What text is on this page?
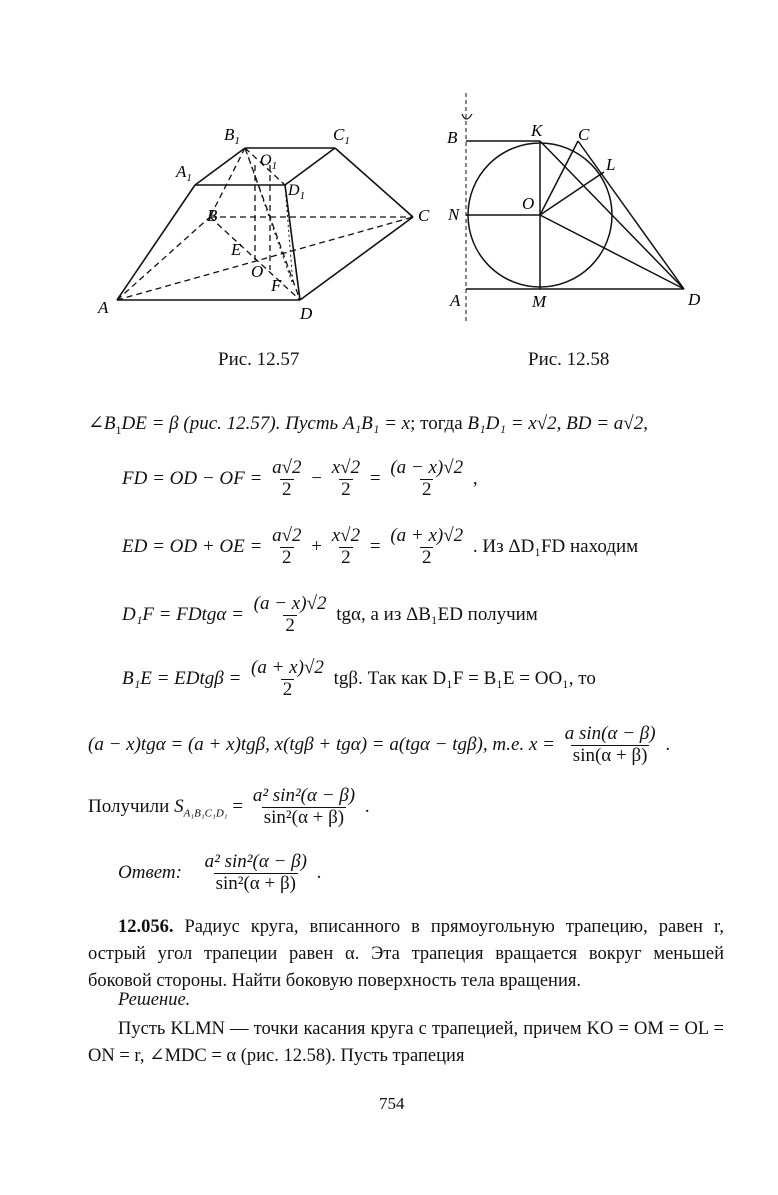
$B_1$	$C_1$
$A_1$
$O_1$
$D_1$
B	C
E
O
F
A	D
B	K C
L
N
O
A	M	D
Рис. 12.57	Рис. 12.58
$\angle B_1DE = \beta$ (рис. 12.57). Пусть A₁B₁ = x; тогда B₁D₁ = x√2, BD = a√2,
FD = OD − OF = $\frac{a√2}{2} - \frac{x√2}{2} = \frac{(a - x)√2}{2}$ ,
ED = OD + OE = $\frac{a√2}{2} + \frac{x√2}{2} = \frac{(a + x)√2}{2}$ . Из ΔD₁FD находим
D₁F = FDtgα = $\frac{(a - x)√2}{2} tg\alpha$, а из ΔB₁ED получим
B₁E = EDtgβ = $\frac{(a + x)√2}{2} tg\beta$. Так как D₁F = B₁E = OO₁, то
(a − x)tgα = (a + x)tgβ, x(tgβ + tgα) = a(tgα − tgβ), т.е. $x = \frac{\text{a sin(α − β)}}{\sin(\alpha + \beta)}$ .
Получили $S_{A_1B_1C_1D_1} = \frac{\text{a² sin²(α − β)}}{\text{sin²(α + β)}}$ .
Ответ: $\frac{\text{a² sin²(α − β)}}{\text{sin²(α + β)}}$ .
12.056. Радиус круга, вписанного в прямоугольную трапецию, равен r, острый угол трапеции равен α. Эта трапеция вращается вокруг меньшей боковой стороны. Найти боковую поверхность тела вращения.
Решение.
Пусть KLMN — точки касания круга с трапецией, причем KO = OM = OL = ON = r, ∠MDC = α (рис. 12.58). Пусть трапеция
754
